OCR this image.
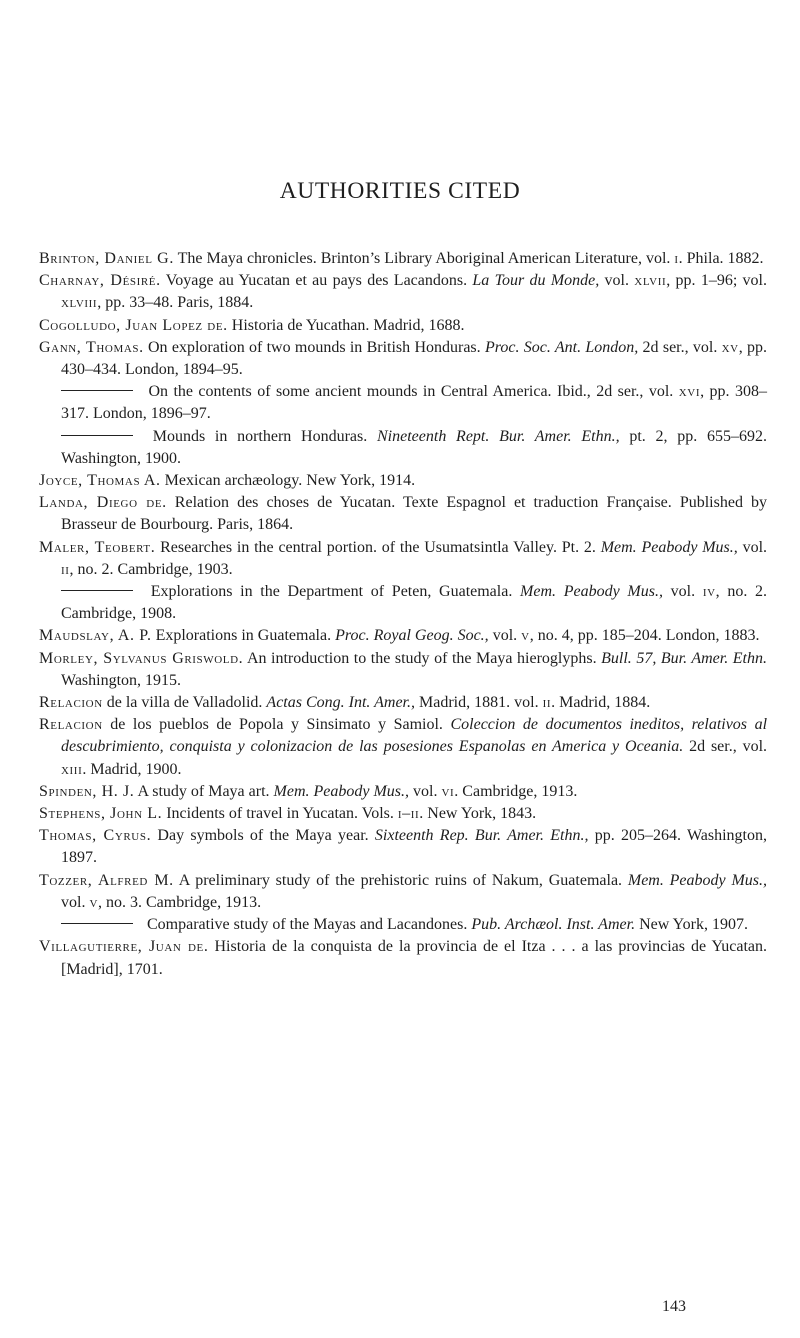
AUTHORITIES CITED
Brinton, Daniel G. The Maya chronicles. Brinton’s Library Aboriginal American Literature, vol. i. Phila. 1882.
Charnay, Désiré. Voyage au Yucatan et au pays des Lacandons. La Tour du Monde, vol. xlvii, pp. 1–96; vol. xlviii, pp. 33–48. Paris, 1884.
Cogolludo, Juan Lopez de. Historia de Yucathan. Madrid, 1688.
Gann, Thomas. On exploration of two mounds in British Honduras. Proc. Soc. Ant. London, 2d ser., vol. xv, pp. 430–434. London, 1894–95.
On the contents of some ancient mounds in Central America. Ibid., 2d ser., vol. xvi, pp. 308–317. London, 1896–97.
Mounds in northern Honduras. Nineteenth Rept. Bur. Amer. Ethn., pt. 2, pp. 655–692. Washington, 1900.
Joyce, Thomas A. Mexican archæology. New York, 1914.
Landa, Diego de. Relation des choses de Yucatan. Texte Espagnol et traduction Française. Published by Brasseur de Bourbourg. Paris, 1864.
Maler, Teobert. Researches in the central portion. of the Usumatsintla Valley. Pt. 2. Mem. Peabody Mus., vol. ii, no. 2. Cambridge, 1903.
Explorations in the Department of Peten, Guatemala. Mem. Peabody Mus., vol. iv, no. 2. Cambridge, 1908.
Maudslay, A. P. Explorations in Guatemala. Proc. Royal Geog. Soc., vol. v, no. 4, pp. 185–204. London, 1883.
Morley, Sylvanus Griswold. An introduction to the study of the Maya hieroglyphs. Bull. 57, Bur. Amer. Ethn. Washington, 1915.
Relacion de la villa de Valladolid. Actas Cong. Int. Amer., Madrid, 1881. vol. ii. Madrid, 1884.
Relacion de los pueblos de Popola y Sinsimato y Samiol. Coleccion de documentos ineditos, relativos al descubrimiento, conquista y colonizacion de las posesiones Espanolas en America y Oceania. 2d ser., vol. xiii. Madrid, 1900.
Spinden, H. J. A study of Maya art. Mem. Peabody Mus., vol. vi. Cambridge, 1913.
Stephens, John L. Incidents of travel in Yucatan. Vols. i–ii. New York, 1843.
Thomas, Cyrus. Day symbols of the Maya year. Sixteenth Rep. Bur. Amer. Ethn., pp. 205–264. Washington, 1897.
Tozzer, Alfred M. A preliminary study of the prehistoric ruins of Nakum, Guatemala. Mem. Peabody Mus., vol. v, no. 3. Cambridge, 1913.
Comparative study of the Mayas and Lacandones. Pub. Archæol. Inst. Amer. New York, 1907.
Villagutierre, Juan de. Historia de la conquista de la provincia de el Itza . . . a las provincias de Yucatan. [Madrid], 1701.
143
